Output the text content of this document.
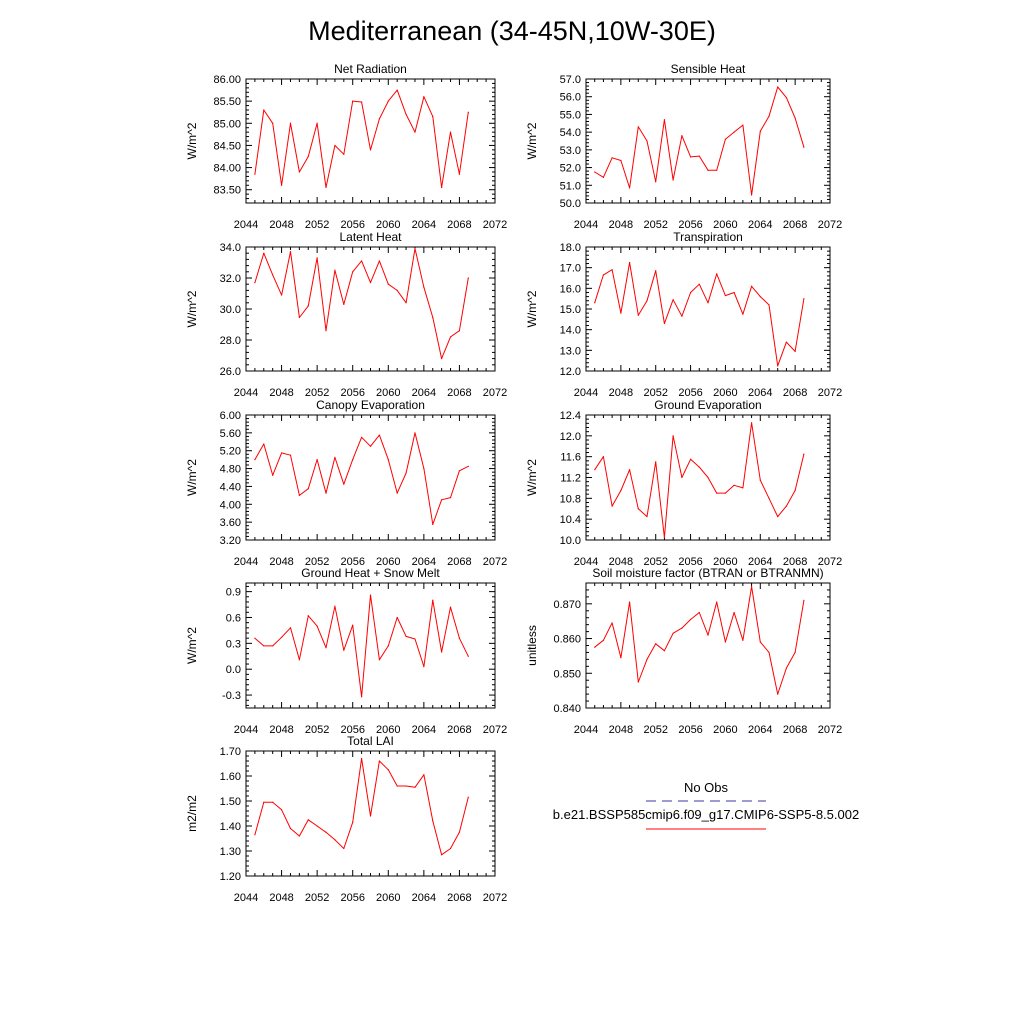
Mediterranean (34-45N,10W-30E)
Net Radiation
2044 2048 2052 2056 2060 2064 2068 2072
83.50
84.00
84.50
85.00
85.50
86.00
W/m^2
Sensible Heat
2044 2048 2052 2056 2060 2064 2068 2072
50.0
51.0
52.0
53.0
54.0
55.0
56.0
57.0
W/m^2
Latent Heat
2044 2048 2052 2056 2060 2064 2068 2072
26.0
28.0
30.0
32.0
34.0
W/m^2
Transpiration
2044 2048 2052 2056 2060 2064 2068 2072
12.0
13.0
14.0
15.0
16.0
17.0
18.0
W/m^2
Canopy Evaporation
2044 2048 2052 2056 2060 2064 2068 2072
3.20
3.60
4.00
4.40
4.80
5.20
5.60
6.00
W/m^2
Ground Evaporation
2044 2048 2052 2056 2060 2064 2068 2072
10.0
10.4
10.8
11.2
11.6
12.0
12.4
W/m^2
Ground Heat + Snow Melt
2044 2048 2052 2056 2060 2064 2068 2072
-0.3
0.0
0.3
0.6
0.9
W/m^2
Soil moisture factor (BTRAN or BTRANMN)
2044 2048 2052 2056 2060 2064 2068 2072
0.840
0.850
0.860
0.870
unitless
Total LAI
2044 2048 2052 2056 2060 2064 2068 2072
1.20
1.30
1.40
1.50
1.60
1.70
m2/m2
No Obs
b.e21.BSSP585cmip6.f09_g17.CMIP6-SSP5-8.5.002
